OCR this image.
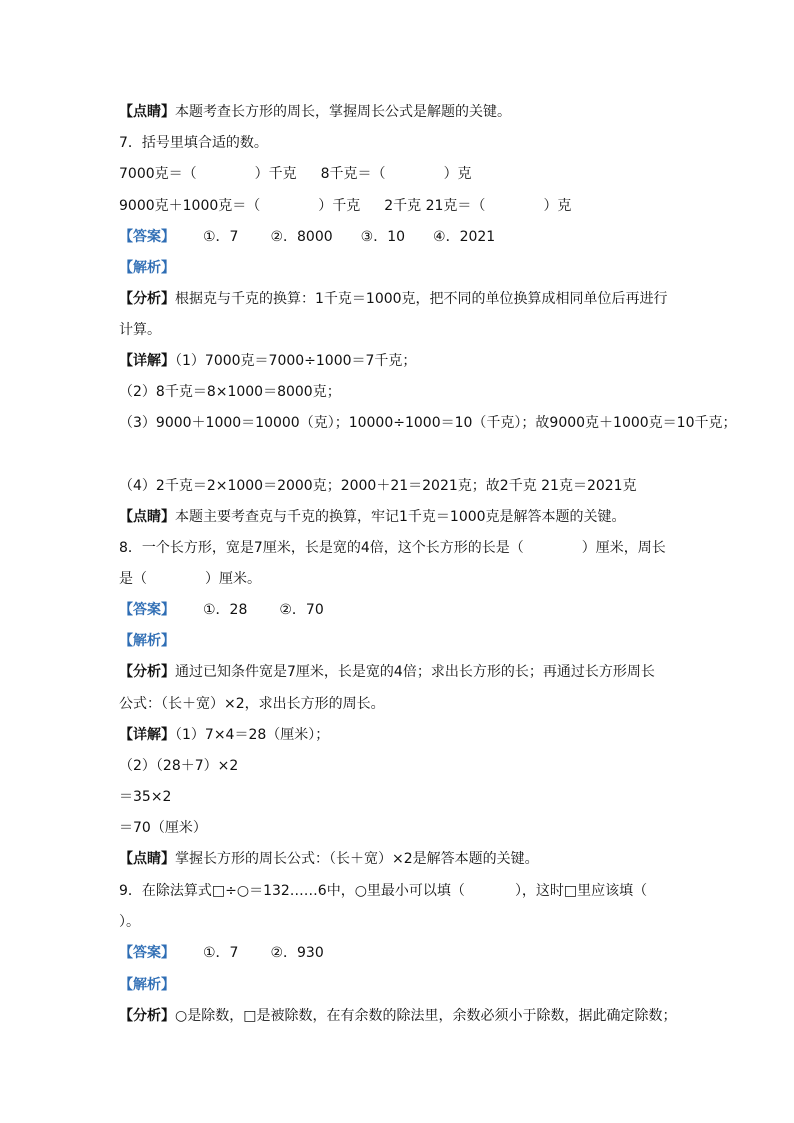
【点睛】本题考查长方形的周长，掌握周长公式是解题的关键。
7．括号里填合适的数。
7000克＝（	）千克 8千克＝（	）克
9000克＋1000克＝（	）千克 2千克 21克＝（	）克
【答案】 ①．7 ②．8000 ③．10 ④．2021
【解析】
【分析】根据克与千克的换算：1千克＝1000克，把不同的单位换算成相同单位后再进行
计算。
【详解】（1）7000克＝7000÷1000＝7千克；
（2）8千克＝8×1000＝8000克；
（3）9000＋1000＝10000（克）；10000÷1000＝10（千克）；故9000克＋1000克＝10千克；
（4）2千克＝2×1000＝2000克；2000＋21＝2021克；故2千克 21克＝2021克
【点睛】本题主要考查克与千克的换算，牢记1千克＝1000克是解答本题的关键。
8．一个长方形，宽是7厘米，长是宽的4倍，这个长方形的长是（	）厘米，周长
是（	）厘米。
【答案】 ①．28 ②．70
【解析】
【分析】通过已知条件宽是7厘米，长是宽的4倍；求出长方形的长；再通过长方形周长
公式：（长＋宽）×2，求出长方形的周长。
【详解】（1）7×4＝28（厘米）；
（2）（28＋7）×2
＝35×2
＝70（厘米）
【点睛】掌握长方形的周长公式：（长＋宽）×2是解答本题的关键。
9．在除法算式□÷○＝132……6中，○里最小可以填（	），这时□里应该填（
）。
【答案】 ①．7 ②．930
【解析】
【分析】○是除数，□是被除数，在有余数的除法里，余数必须小于除数，据此确定除数；
